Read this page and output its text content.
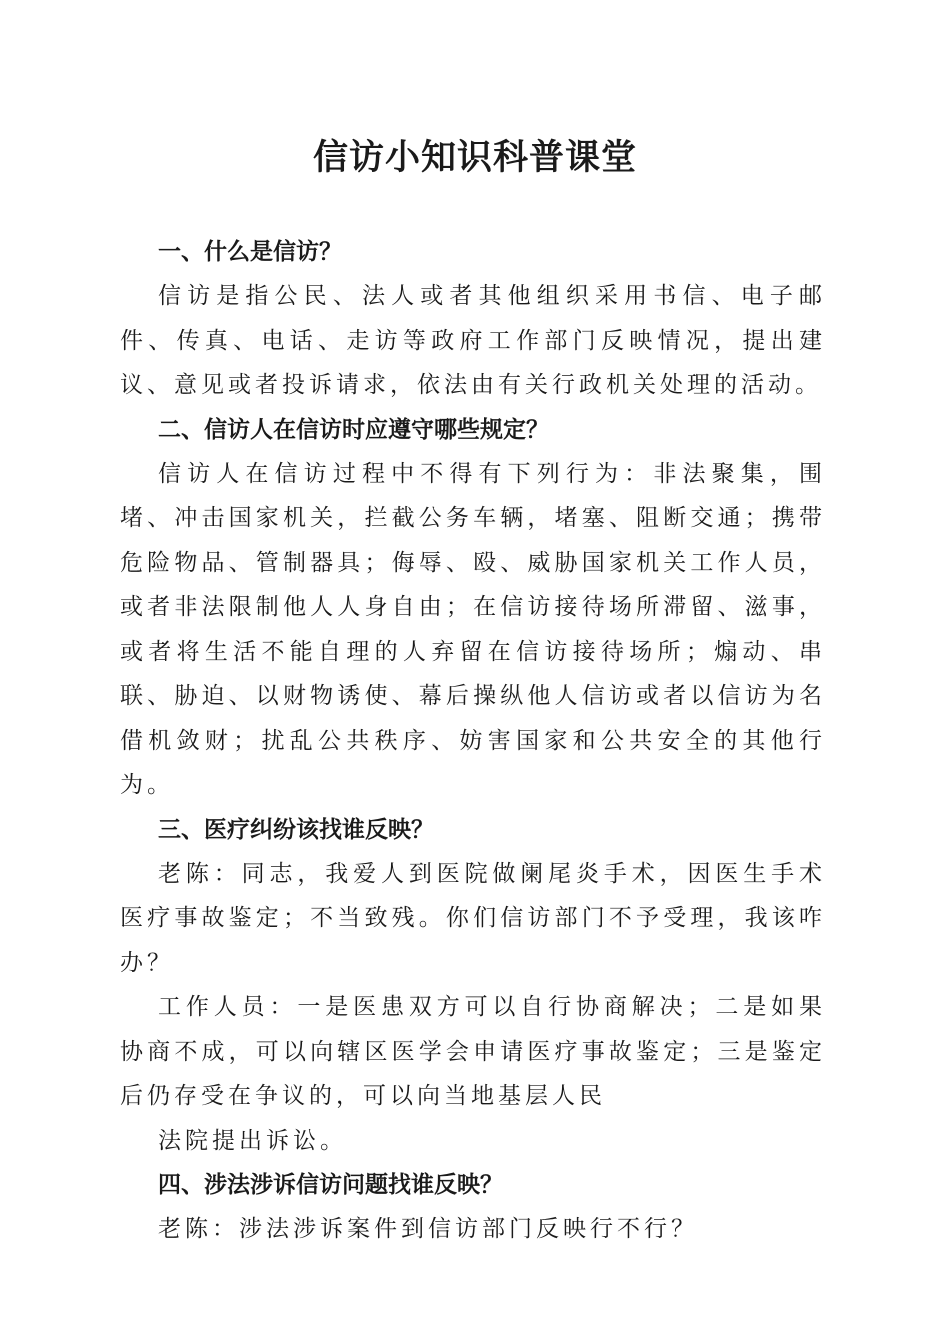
信访小知识科普课堂
一、什么是信访？

信访是指公民、法人或者其他组织采用书信、电子邮件、传真、电话、走访等政府工作部门反映情况，提出建议、意见或者投诉请求，依法由有关行政机关处理的活动。

二、信访人在信访时应遵守哪些规定？

信访人在信访过程中不得有下列行为：非法聚集，围堵、冲击国家机关，拦截公务车辆，堵塞、阻断交通；携带危险物品、管制器具；侮辱、殴、威胁国家机关工作人员，或者非法限制他人人身自由；在信访接待场所滞留、滋事，或者将生活不能自理的人弃留在信访接待场所；煽动、串联、胁迫、以财物诱使、幕后操纵他人信访或者以信访为名借机敛财；扰乱公共秩序、妨害国家和公共安全的其他行为。

三、医疗纠纷该找谁反映？

老陈：同志，我爱人到医院做阑尾炎手术，因医生手术医疗事故鉴定；不当致残。你们信访部门不予受理，我该咋办？

工作人员：一是医患双方可以自行协商解决；二是如果协商不成，可以向辖区医学会申请医疗事故鉴定；三是鉴定后仍存受在争议的，可以向当地基层人民

法院提出诉讼。

四、涉法涉诉信访问题找谁反映？

老陈：涉法涉诉案件到信访部门反映行不行？
